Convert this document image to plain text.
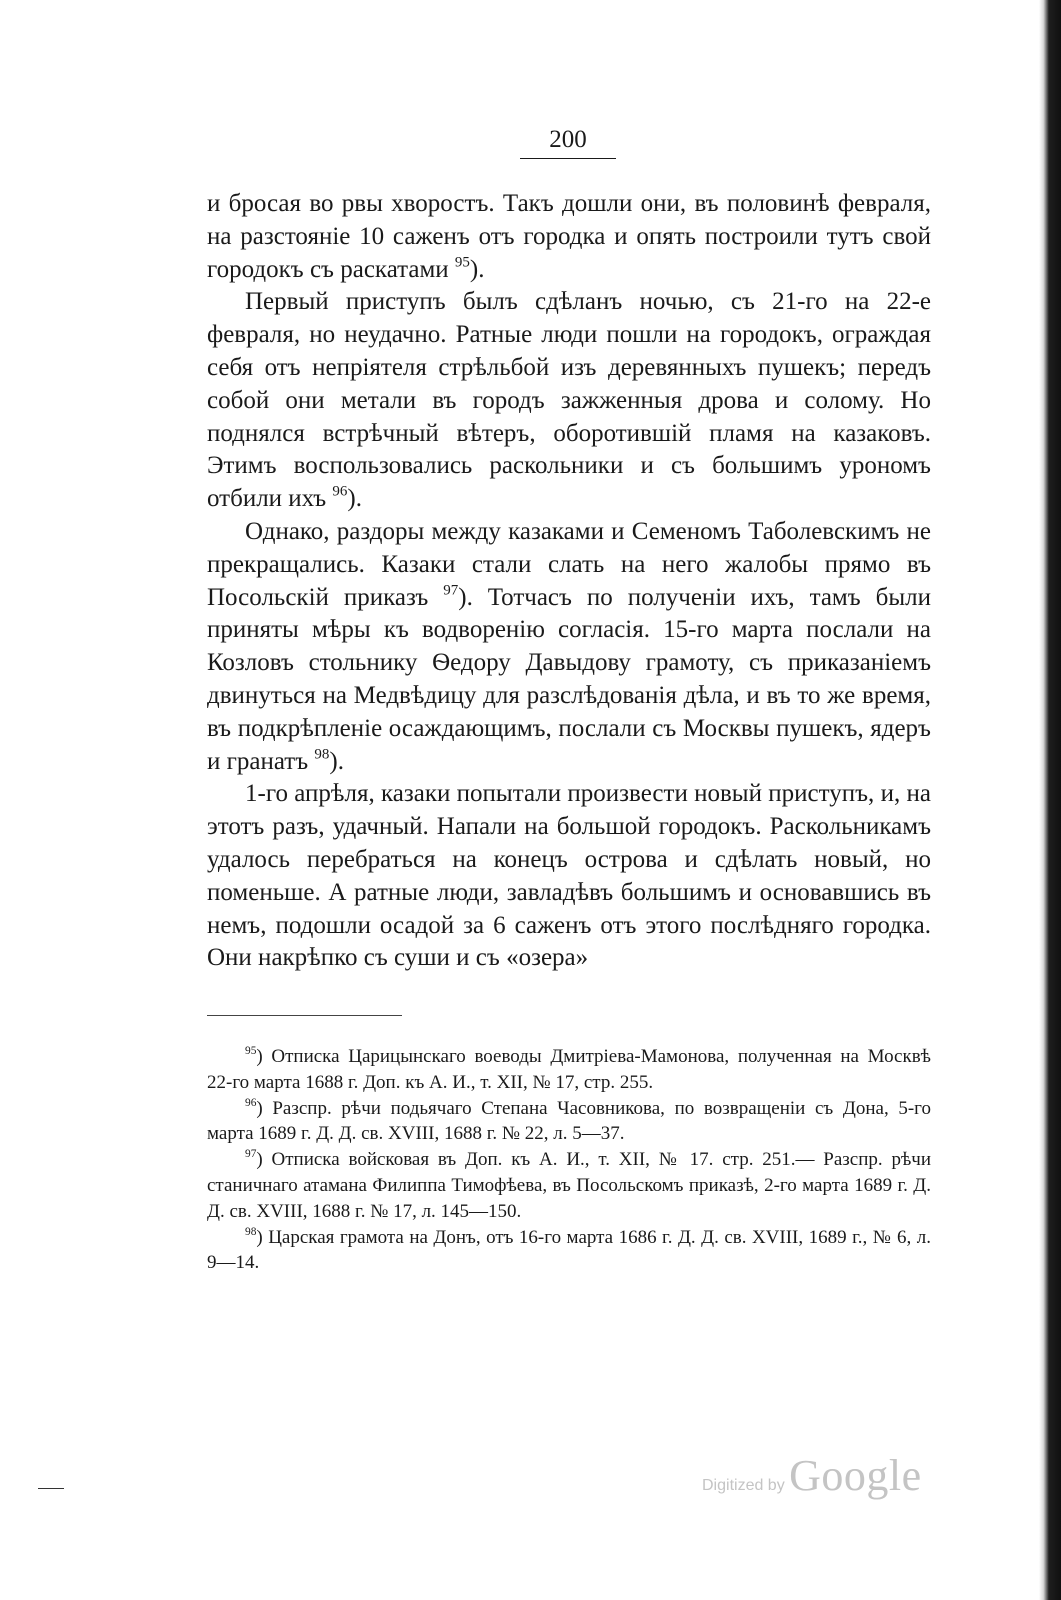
200

и бросая во рвы хворостъ. Такъ дошли они, въ половинѣ февраля, на разстояніе 10 саженъ отъ городка и опять построили тутъ свой городокъ съ раскатами $^{95}$).

Первый приступъ былъ сдѣланъ ночью, съ 21-го на 22-е февраля, но неудачно. Ратные люди пошли на городокъ, ограждая себя отъ непріятеля стрѣльбой изъ деревянныхъ пушекъ; передъ собой они метали въ городъ зажженныя дрова и солому. Но поднялся встрѣчный вѣтеръ, оборотившій пламя на казаковъ. Этимъ воспользовались раскольники и съ большимъ урономъ отбили ихъ $^{96}$).

Однако, раздоры между казаками и Семеномъ Таболевскимъ не прекращались. Казаки стали слать на него жалобы прямо въ Посольскій приказъ $^{97}$). Тотчасъ по полученіи ихъ, тамъ были приняты мѣры къ водворенію согласія. 15-го марта послали на Козловъ стольнику Ѳедору Давыдову грамоту, съ приказаніемъ двинуться на Медвѣдицу для разслѣдованія дѣла, и въ то же время, въ подкрѣпленіе осаждающимъ, послали съ Москвы пушекъ, ядеръ и гранатъ $^{98}$).

1-го апрѣля, казаки попытали произвести новый приступъ, и, на этотъ разъ, удачный. Напали на большой городокъ. Раскольникамъ удалось перебраться на конецъ острова и сдѣлать новый, но поменьше. А ратные люди, завладѣвъ большимъ и основавшись въ немъ, подошли осадой за 6 саженъ отъ этого послѣдняго городка. Они накрѣпко съ суши и съ «озера»

$^{95}$) Отписка Царицынскаго воеводы Дмитріева-Мамонова, полученная на Москвѣ 22-го марта 1688 г. Доп. къ А. И., т. XII, № 17, стр. 255.

$^{96}$) Разспр. рѣчи подьячаго Степана Часовникова, по возвращеніи съ Дона, 5-го марта 1689 г. Д. Д. св. XVIII, 1688 г. № 22, л. 5—37.

$^{97}$) Отписка войсковая въ Доп. къ А. И., т. XII, № 17. стр. 251.— Разспр. рѣчи станичнаго атамана Филиппа Тимофѣева, въ Посольскомъ приказѣ, 2-го марта 1689 г. Д. Д. св. XVIII, 1688 г. № 17, л. 145—150.

$^{98}$) Царская грамота на Донъ, отъ 16-го марта 1686 г. Д. Д. св. XVIII, 1689 г., № 6, л. 9—14.

Digitized by Google
